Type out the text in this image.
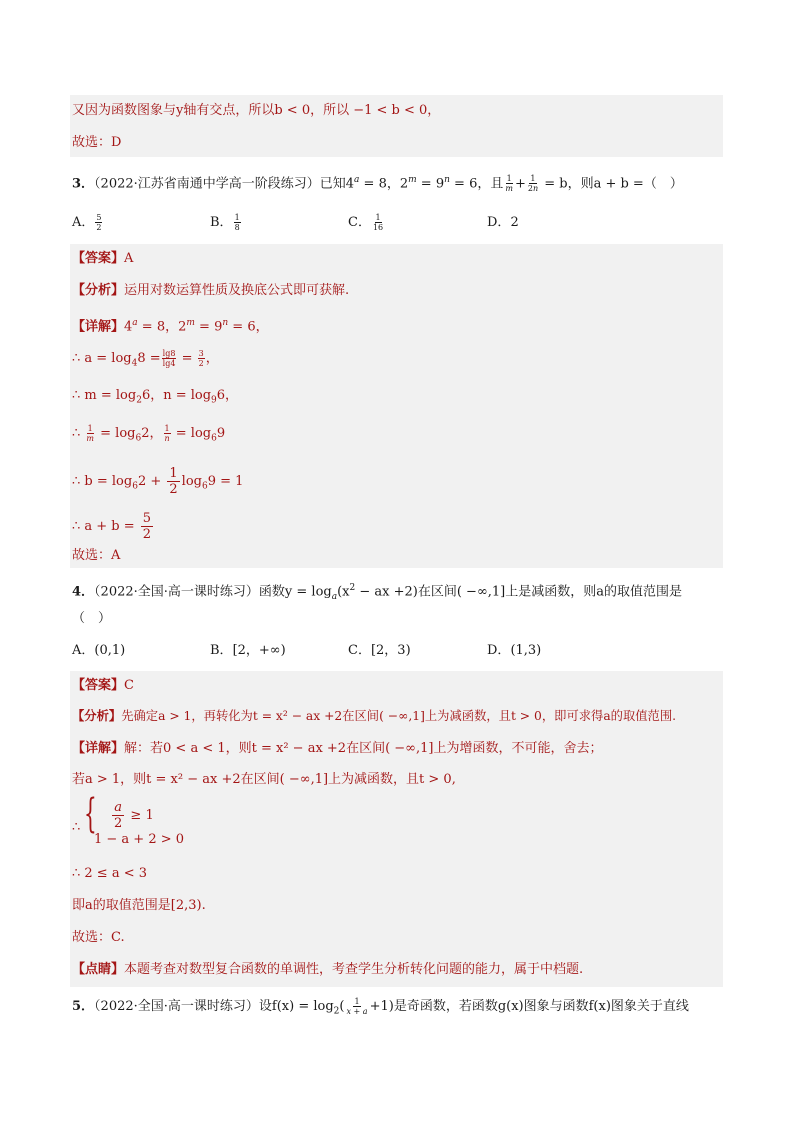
又因为函数图象与y轴有交点，所以b < 0，所以 −1 < b < 0，
故选：D
3．（2022·江苏省南通中学高一阶段练习）已知$4^a = 8$，$2^m = 9^n = 6$，且 $\frac{1}{m} + \frac{1}{2n} = b$，则a + b =（　）
A． $\frac{5}{2}$	B． $\frac{1}{8}$	C． $\frac{1}{16}$	D．2
【答案】A
【分析】运用对数运算性质及换底公式即可获解.
【详解】$4^a = 8$，$2^m = 9^n = 6$，
∴ $a = \log_48 = \frac{\lg 8}{\lg 4} = \frac{3}{2}$ ，
∴ $m = \log_26$，$n = \log_96$，
∴ $\frac{1}{m} = \log_62$， $\frac{1}{n} = \log_69$
∴ $b = \log_62 + \frac{1}{2} \log_69 = 1$
∴ $a + b = \frac{5}{2}$
故选：A
4．（2022·全国·高一课时练习）函数$y = \log_a(x^2$ − ax +2)在区间( −∞,1]上是减函数，则a的取值范围是
（　）
A．(0,1)	B．[2，+∞)	C．[2，3)	D．(1,3)
【答案】C
【分析】先确定a > 1，再转化为t = x² − ax +2在区间( −∞,1]上为减函数，且t > 0，即可求得a的取值范围.
【详解】解：若0 < a < 1，则t = x² − ax +2在区间( −∞,1]上为增函数，不可能，舍去；
若a > 1，则t = x² − ax +2在区间( −∞,1]上为减函数，且t > 0,
∴ { $\frac{a}{2} \ge 1$
1 − a + 2 > 0
∴ 2 ≤ a < 3
即a的取值范围是[2,3).
故选：C.
【点睛】本题考查对数型复合函数的单调性，考查学生分析转化问题的能力，属于中档题.
5．（2022·全国·高一课时练习）设$f(x) = \log_2( \frac{1}{x + a} +1)$是奇函数，若函数g(x)图象与函数f(x)图象关于直线
